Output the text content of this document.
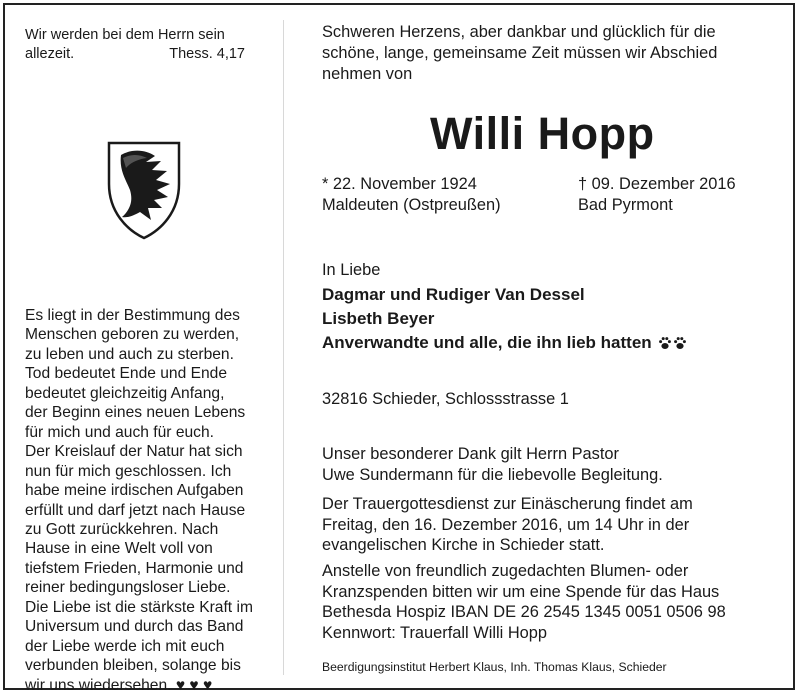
Wir werden bei dem Herrn sein
allezeit.	Thess. 4,17
Es liegt in der Bestimmung des
Menschen geboren zu werden,
zu leben und auch zu sterben.
Tod bedeutet Ende und Ende
bedeutet gleichzeitig Anfang,
der Beginn eines neuen Lebens
für mich und auch für euch.
Der Kreislauf der Natur hat sich
nun für mich geschlossen. Ich
habe meine irdischen Aufgaben
erfüllt und darf jetzt nach Hause
zu Gott zurückkehren. Nach
Hause in eine Welt voll von
tiefstem Frieden, Harmonie und
reiner bedingungsloser Liebe.
Die Liebe ist die stärkste Kraft im
Universum und durch das Band
der Liebe werde ich mit euch
verbunden bleiben, solange bis
wir uns wiedersehen. ♥ ♥ ♥
Schweren Herzens, aber dankbar und glücklich für die
schöne, lange, gemeinsame Zeit müssen wir Abschied
nehmen von
Willi Hopp
* 22. November 1924
Maldeuten (Ostpreußen)
† 09. Dezember 2016
Bad Pyrmont
In Liebe
Dagmar und Rudiger Van Dessel
Lisbeth Beyer
Anverwandte und alle, die ihn lieb hatten
32816 Schieder, Schlossstrasse 1
Unser besonderer Dank gilt Herrn Pastor
Uwe Sundermann für die liebevolle Begleitung.
Der Trauergottesdienst zur Einäscherung findet am
Freitag, den 16. Dezember 2016, um 14 Uhr in der
evangelischen Kirche in Schieder statt.
Anstelle von freundlich zugedachten Blumen- oder
Kranzspenden bitten wir um eine Spende für das Haus
Bethesda Hospiz IBAN DE 26 2545 1345 0051 0506 98
Kennwort: Trauerfall Willi Hopp
Beerdigungsinstitut Herbert Klaus, Inh. Thomas Klaus, Schieder
